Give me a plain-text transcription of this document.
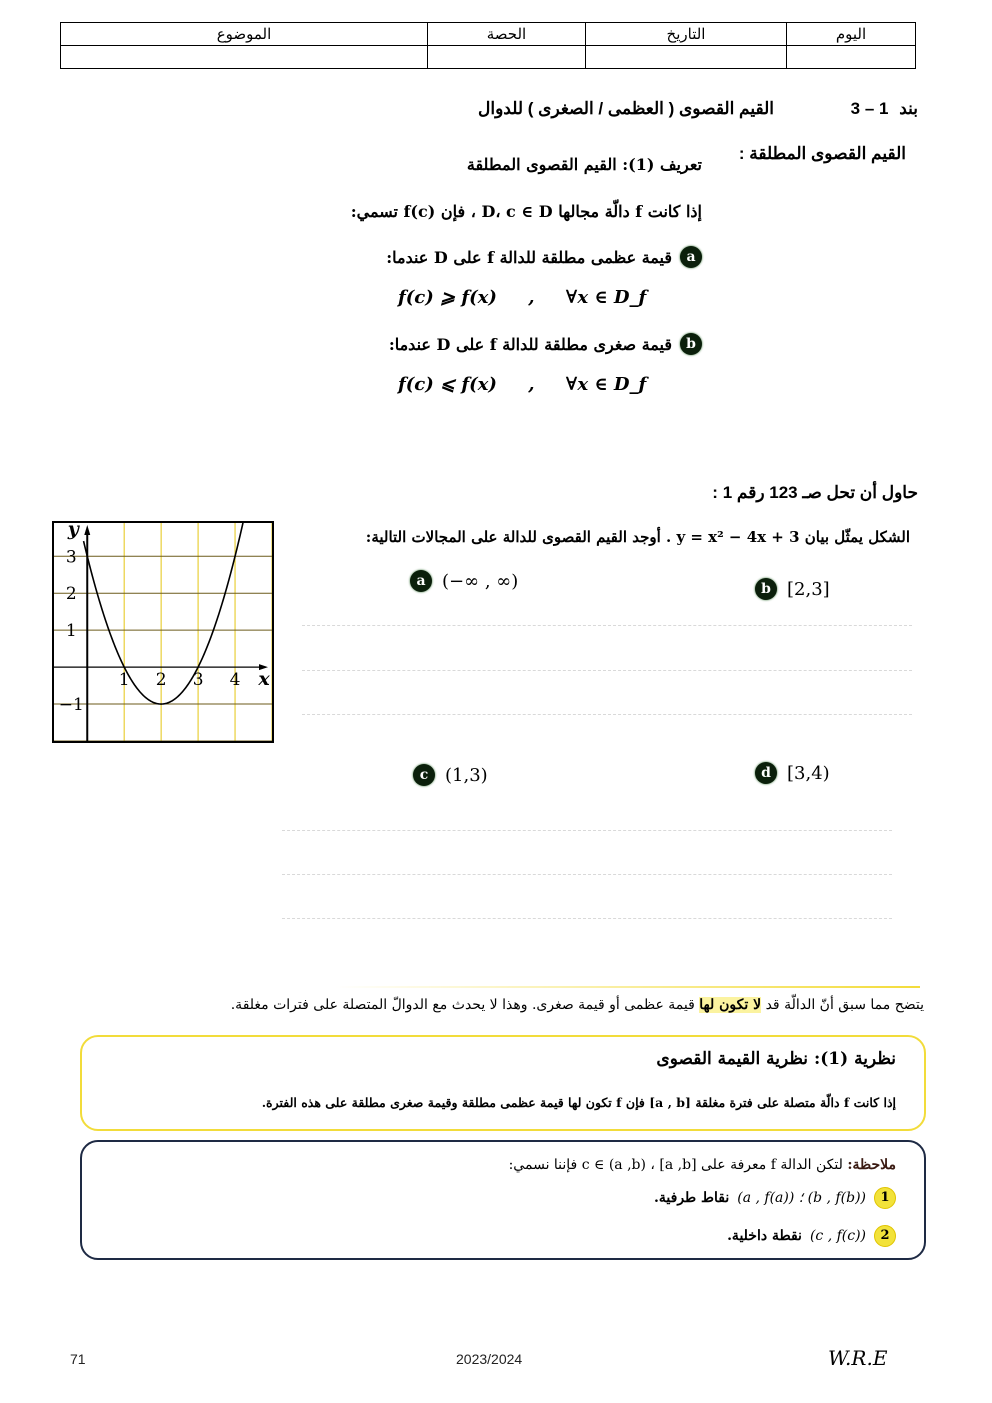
اليوم	التاريخ	الحصة	الموضوع

بند 3 – 1
القيم القصوى ( العظمى / الصغرى ) للدوال
القيم القصوى المطلقة :
تعريف (1): القيم القصوى المطلقة
إذا كانت f دالّة مجالها D، c ∈ D ، فإن f(c) تسمي:
a
قيمة عظمى مطلقة للدالة f على D عندما:
f(c) ⩾ f(x)     ,     ∀x ∈ D_f
b
قيمة صغرى مطلقة للدالة f على D عندما:
f(c) ⩽ f(x)     ,     ∀x ∈ D_f
حاول أن تحل صـ 123 رقم 1 :
الشكل يمثّل بيان y = x² − 4x + 3 . أوجد القيم القصوى للدالة على المجالات التالية:
1 2 3 4
3
2
1
−1
x
y
a (−∞ , ∞)	b [2,3]
c (1,3)	d [3,4)
يتضح مما سبق أنّ الدالّة قد لا تكون لها قيمة عظمى أو قيمة صغرى. وهذا لا يحدث مع الدوالّ المتصلة على فترات مغلقة.
نظرية (1): نظرية القيمة القصوى
إذا كانت f دالّة متصلة على فترة مغلقة [a , b] فإن f تكون لها قيمة عظمى مطلقة وقيمة صغرى مطلقة على هذه الفترة.
ملاحظة: لتكن الدالة f معرفة على [a ,b] ، c ∈ (a ,b) فإننا نسمي:
1
(a , f(a)) ؛ (b , f(b))
نقاط طرفية.
2
(c , f(c))
نقطة داخلية.
71	2023/2024	W.R.E
